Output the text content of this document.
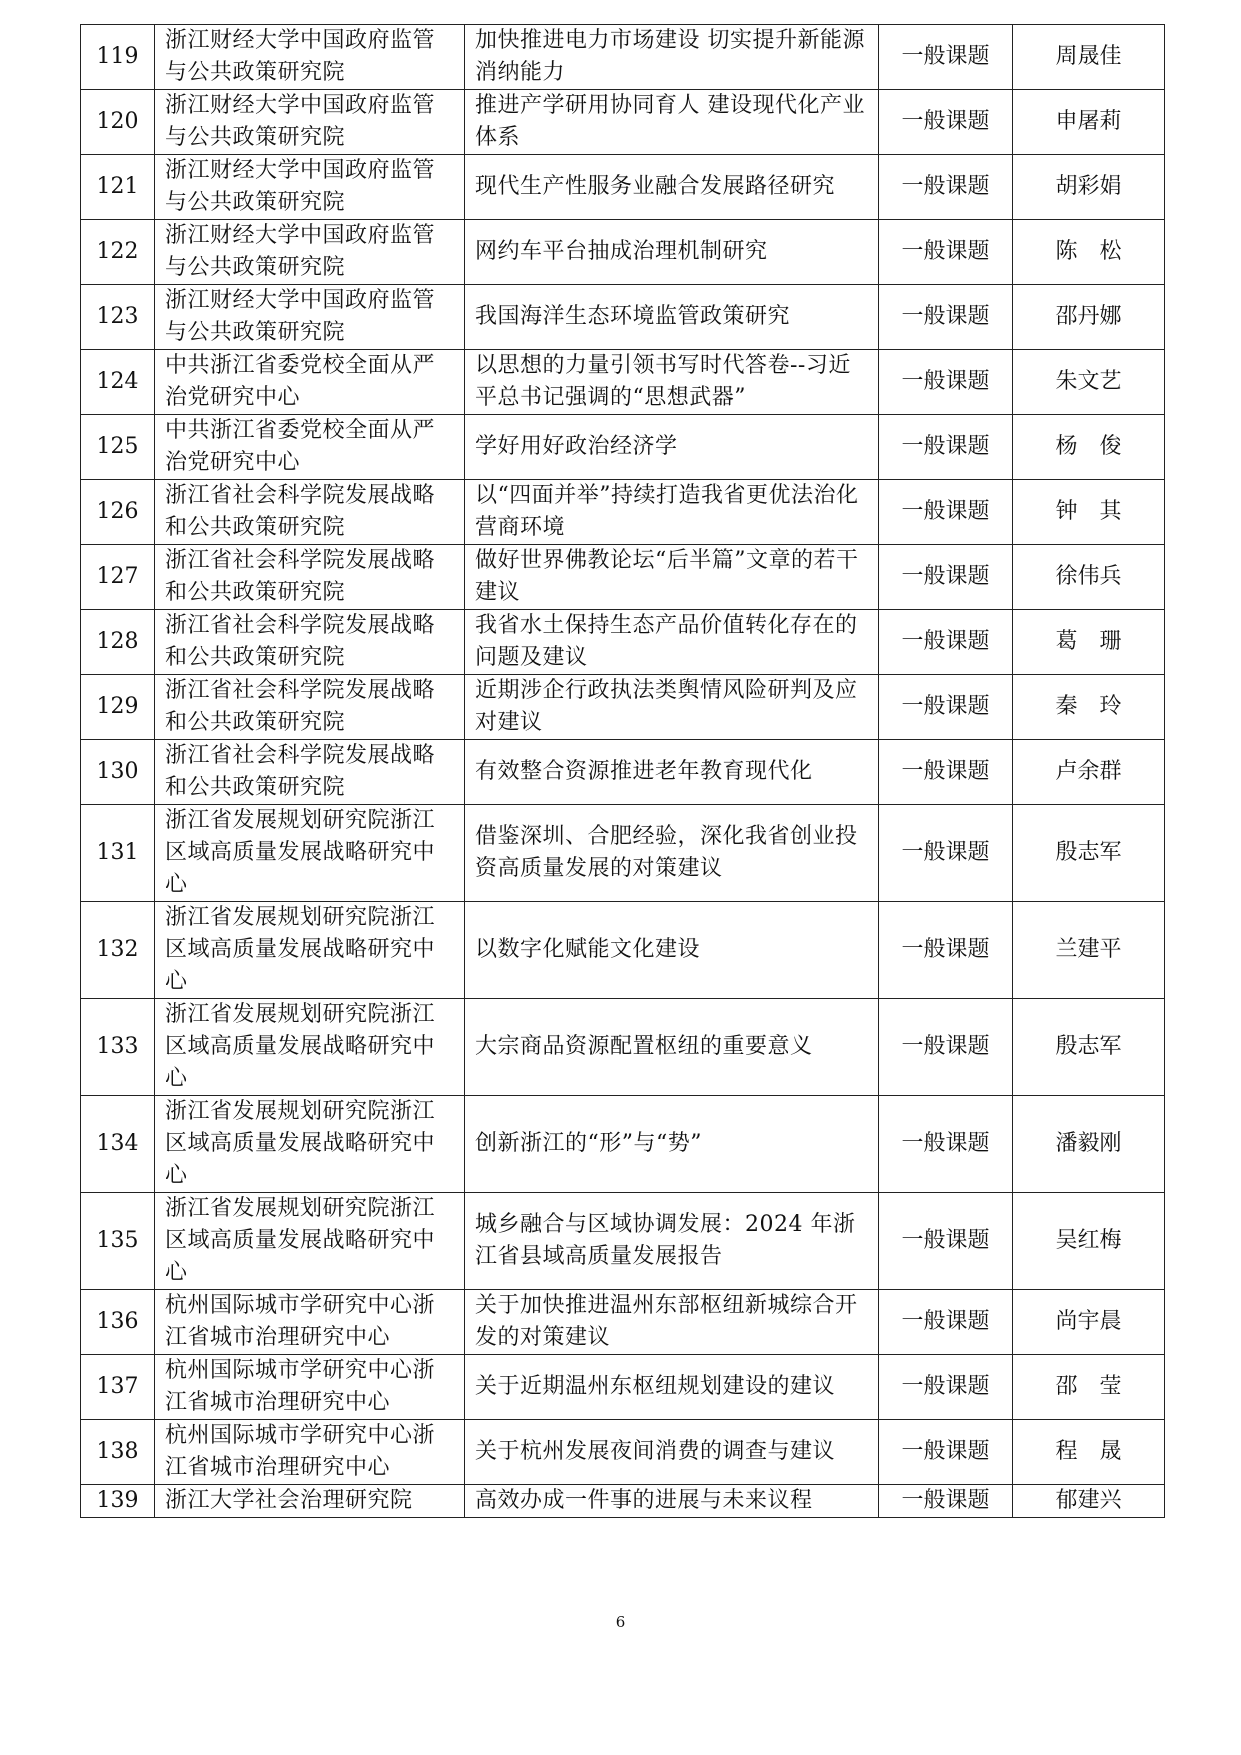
119	浙江财经大学中国政府监管与公共政策研究院	加快推进电力市场建设 切实提升新能源消纳能力	一般课题	周晟佳
120	浙江财经大学中国政府监管与公共政策研究院	推进产学研用协同育人 建设现代化产业体系	一般课题	申屠莉
121	浙江财经大学中国政府监管与公共政策研究院	现代生产性服务业融合发展路径研究	一般课题	胡彩娟
122	浙江财经大学中国政府监管与公共政策研究院	网约车平台抽成治理机制研究	一般课题	陈　松
123	浙江财经大学中国政府监管与公共政策研究院	我国海洋生态环境监管政策研究	一般课题	邵丹娜
124	中共浙江省委党校全面从严治党研究中心	以思想的力量引领书写时代答卷--习近平总书记强调的“思想武器”	一般课题	朱文艺
125	中共浙江省委党校全面从严治党研究中心	学好用好政治经济学	一般课题	杨　俊
126	浙江省社会科学院发展战略和公共政策研究院	以“四面并举”持续打造我省更优法治化营商环境	一般课题	钟　其
127	浙江省社会科学院发展战略和公共政策研究院	做好世界佛教论坛“后半篇”文章的若干建议	一般课题	徐伟兵
128	浙江省社会科学院发展战略和公共政策研究院	我省水土保持生态产品价值转化存在的问题及建议	一般课题	葛　珊
129	浙江省社会科学院发展战略和公共政策研究院	近期涉企行政执法类舆情风险研判及应对建议	一般课题	秦　玲
130	浙江省社会科学院发展战略和公共政策研究院	有效整合资源推进老年教育现代化	一般课题	卢余群
131	浙江省发展规划研究院浙江区域高质量发展战略研究中心	借鉴深圳、合肥经验，深化我省创业投资高质量发展的对策建议	一般课题	殷志军
132	浙江省发展规划研究院浙江区域高质量发展战略研究中心	以数字化赋能文化建设	一般课题	兰建平
133	浙江省发展规划研究院浙江区域高质量发展战略研究中心	大宗商品资源配置枢纽的重要意义	一般课题	殷志军
134	浙江省发展规划研究院浙江区域高质量发展战略研究中心	创新浙江的“形”与“势”	一般课题	潘毅刚
135	浙江省发展规划研究院浙江区域高质量发展战略研究中心	城乡融合与区域协调发展：2024 年浙江省县域高质量发展报告	一般课题	吴红梅
136	杭州国际城市学研究中心浙江省城市治理研究中心	关于加快推进温州东部枢纽新城综合开发的对策建议	一般课题	尚宇晨
137	杭州国际城市学研究中心浙江省城市治理研究中心	关于近期温州东枢纽规划建设的建议	一般课题	邵　莹
138	杭州国际城市学研究中心浙江省城市治理研究中心	关于杭州发展夜间消费的调查与建议	一般课题	程　晟
139	浙江大学社会治理研究院	高效办成一件事的进展与未来议程	一般课题	郁建兴
6
